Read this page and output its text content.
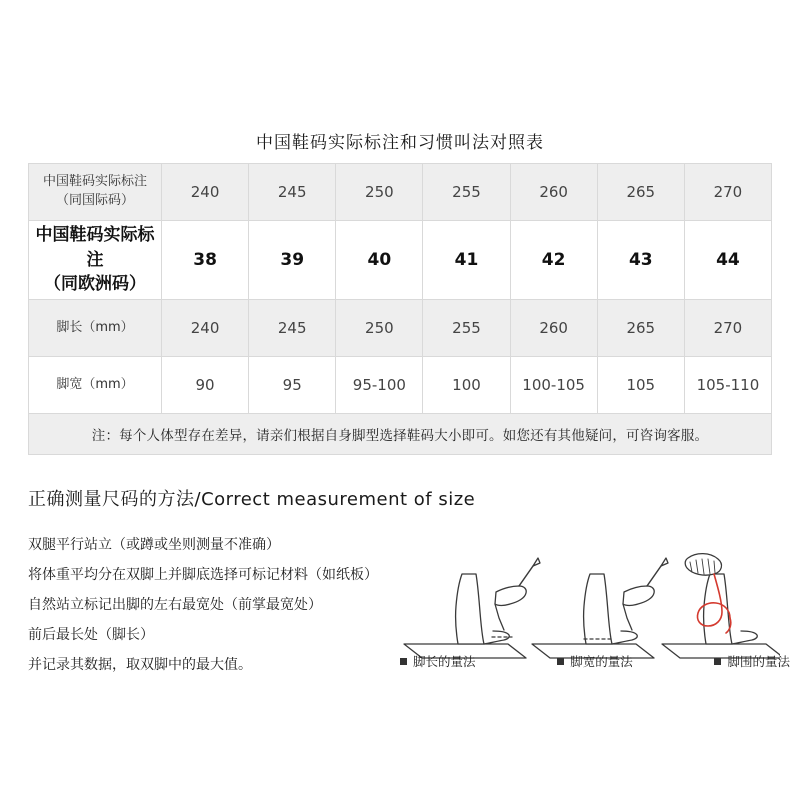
中国鞋码实际标注和习惯叫法对照表
中国鞋码实际标注
（同国际码）	240	245	250	255	260	265	270

中国鞋码实际标注
（同欧洲码）	38	39	40	41	42	43	44

脚长（mm）	240	245	250	255	260	265	270

脚宽（mm）	90	95	95-100	100	100-105	105	105-110
注：每个人体型存在差异，请亲们根据自身脚型选择鞋码大小即可。如您还有其他疑问，可咨询客服。							
正确测量尺码的方法/Correct measurement of size
双腿平行站立（或蹲或坐则测量不准确）
将体重平均分在双脚上并脚底选择可标记材料（如纸板）
自然站立标记出脚的左右最宽处（前掌最宽处）
前后最长处（脚长）
并记录其数据，取双脚中的最大值。	脚长的量法	脚宽的量法	脚围的量法
